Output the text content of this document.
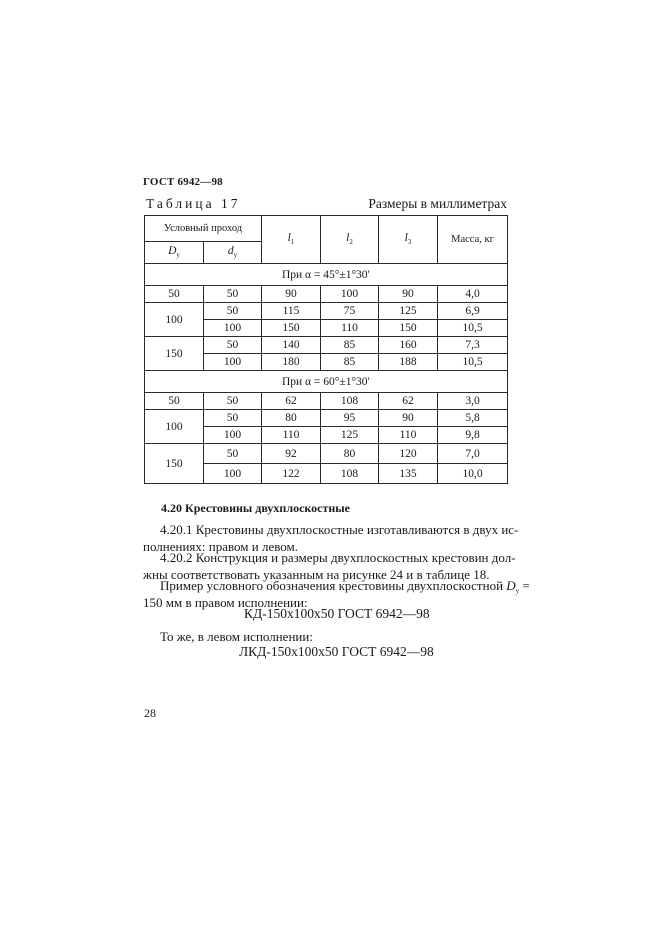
ГОСТ 6942—98
Таблица 17	Размеры в миллиметрах
Условный проход		$l_1$	$l_2$	$l_3$	Масса, кг
$D_у$	$d_у$
При α = 45°±1°30′					
50	50	90	100	90	4,0
100	50	115	75	125	6,9
	100	150	110	150	10,5
150	50	140	85	160	7,3
	100	180	85	188	10,5
При α = 60°±1°30′					
50	50	62	108	62	3,0
100	50	80	95	90	5,8
	100	110	125	110	9,8
150	50	92	80	120	7,0
	100	122	108	135	10,0
4.20 Крестовины двухплоскостные
4.20.1 Крестовины двухплоскостные изготавливаются в двух ис-
полнениях: правом и левом.
4.20.2 Конструкция и размеры двухплоскостных крестовин дол-
жны соответствовать указанным на рисунке 24 и в таблице 18.
Пример условного обозначения крестовины двухплоскостной $D_у$ =
150 мм в правом исполнении:
КД-150х100х50 ГОСТ 6942—98
То же, в левом исполнении:
ЛКД-150х100х50 ГОСТ 6942—98
28
